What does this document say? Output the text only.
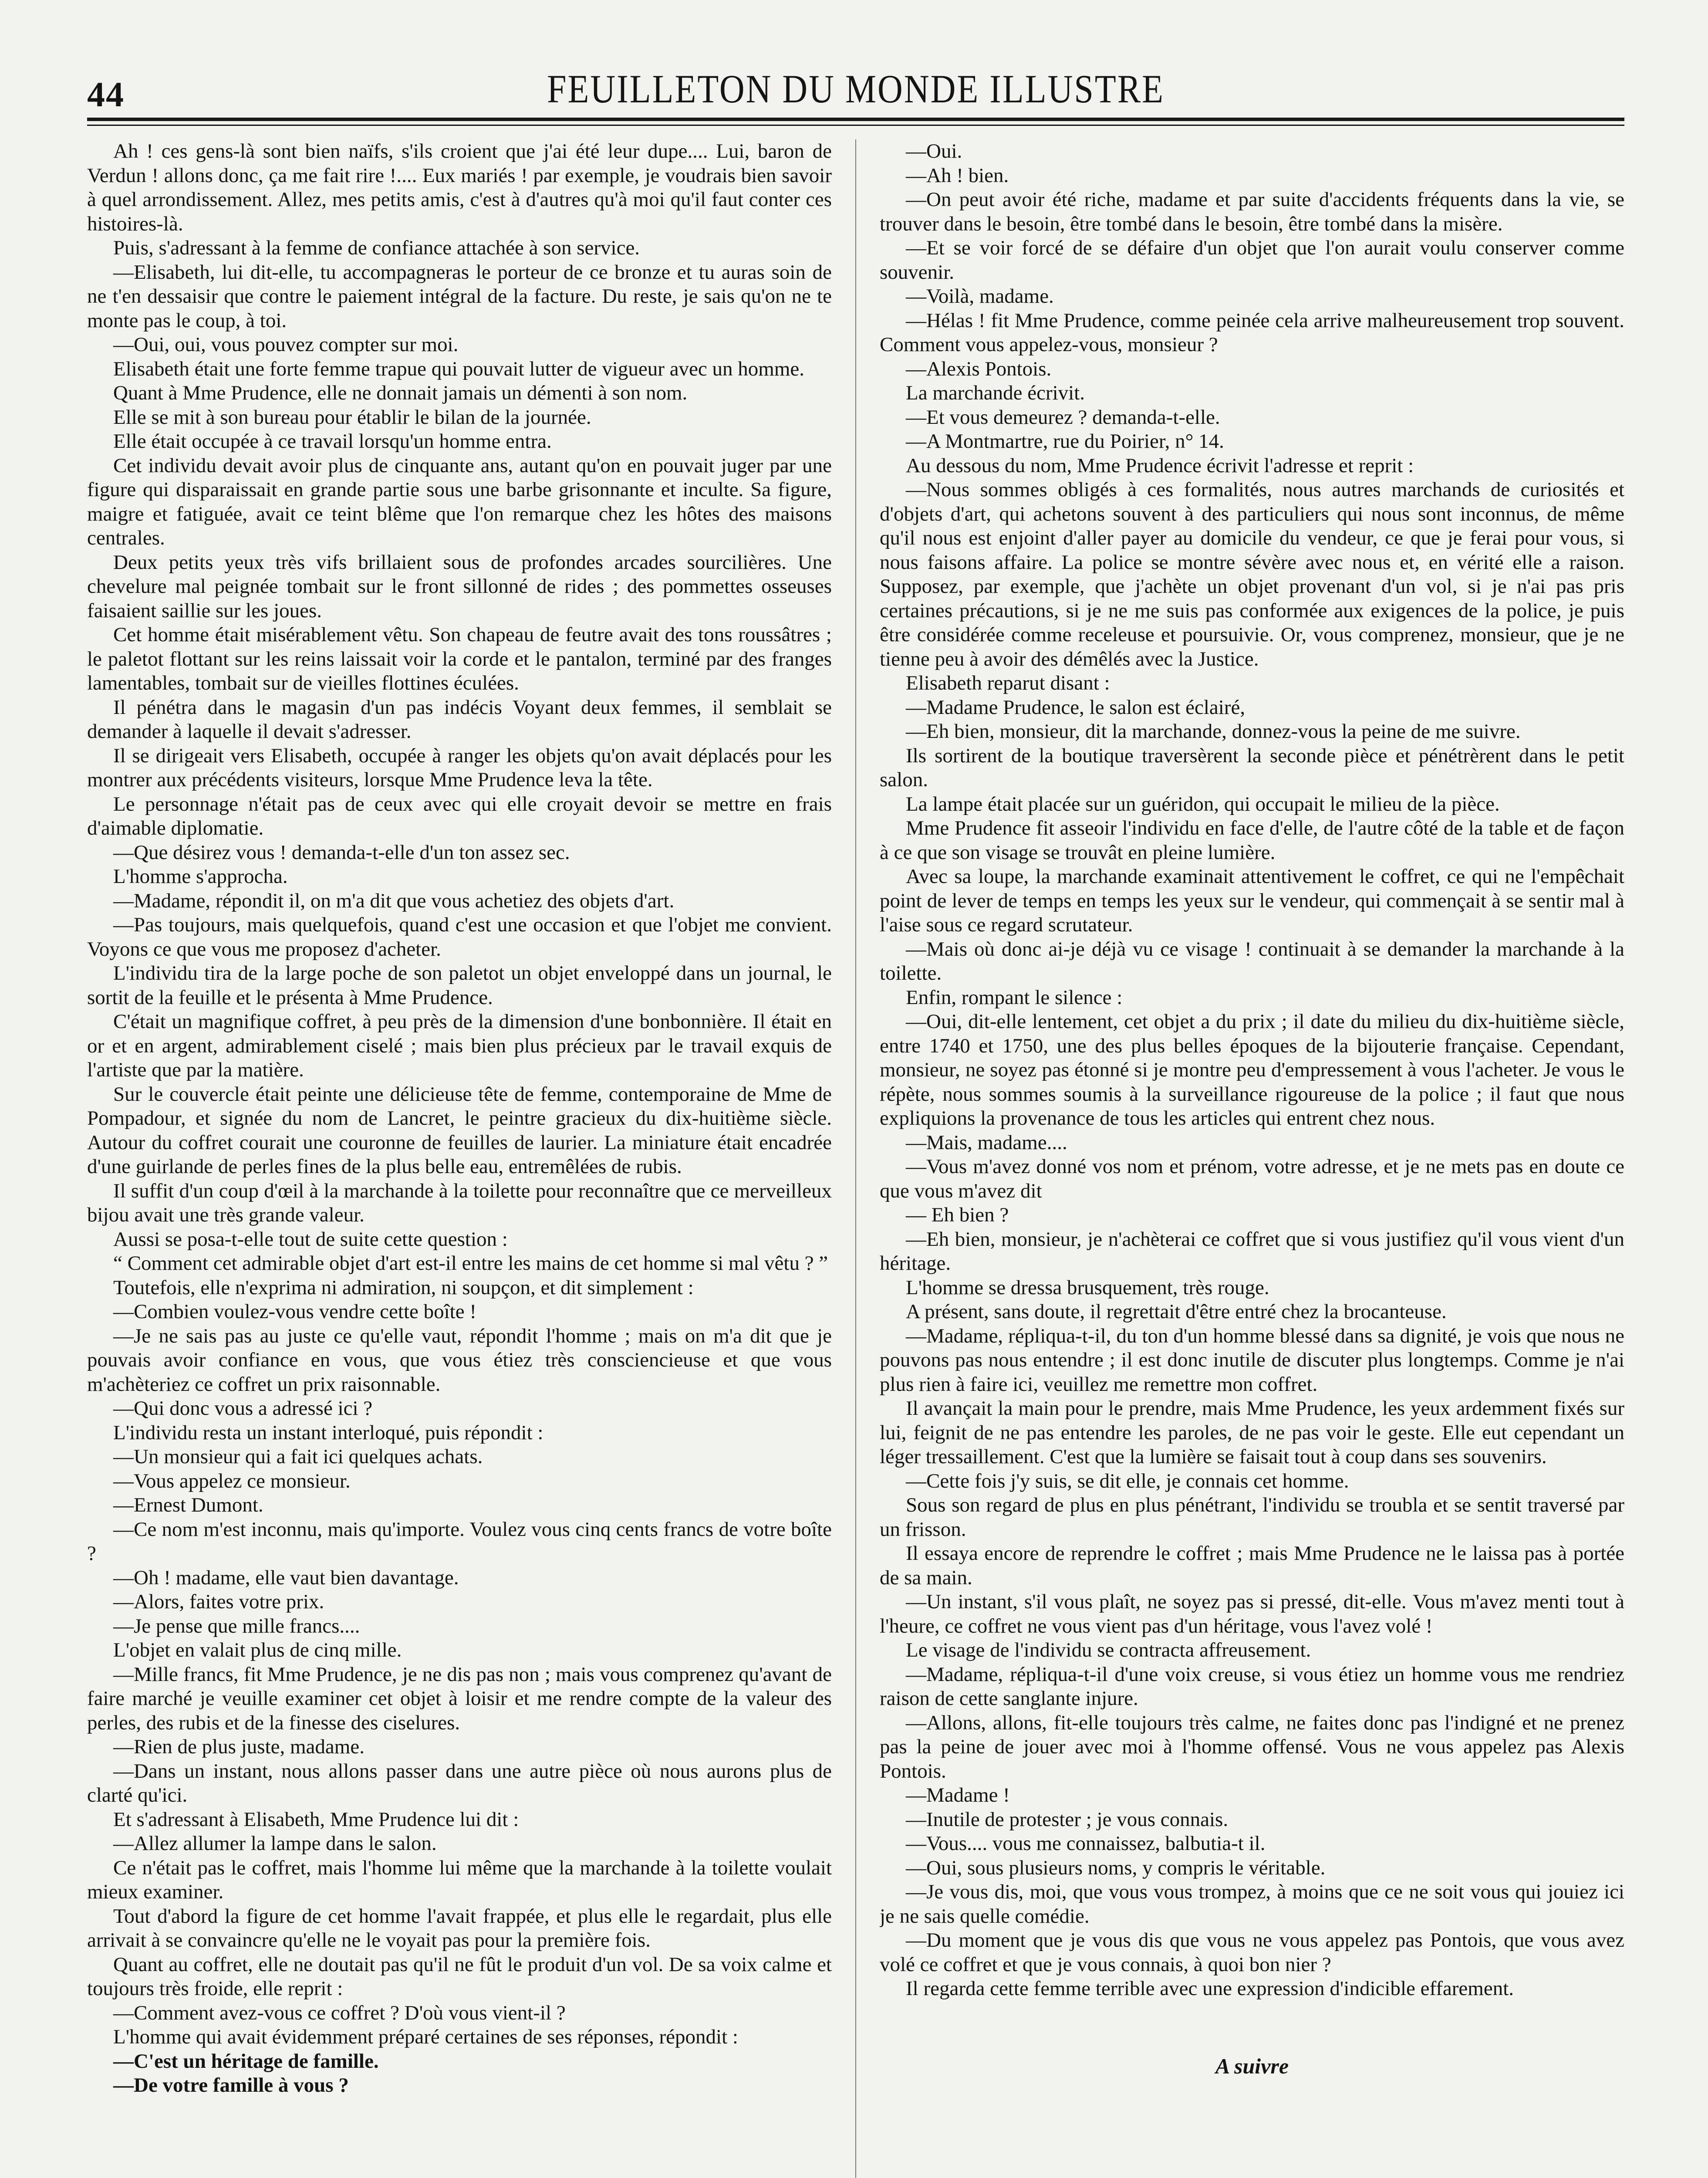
44	FEUILLETON DU MONDE ILLUSTRE

Ah ! ces gens-là sont bien naïfs, s'ils croient que j'ai été leur dupe.... Lui, baron de Verdun ! allons donc, ça me fait rire !.... Eux mariés ! par exemple, je voudrais bien savoir à quel arrondissement. Allez, mes petits amis, c'est à d'autres qu'à moi qu'il faut conter ces histoires-là.

Puis, s'adressant à la femme de confiance attachée à son service.

—Elisabeth, lui dit-elle, tu accompagneras le porteur de ce bronze et tu auras soin de ne t'en dessaisir que contre le paiement intégral de la facture. Du reste, je sais qu'on ne te monte pas le coup, à toi.

—Oui, oui, vous pouvez compter sur moi.

Elisabeth était une forte femme trapue qui pouvait lutter de vigueur avec un homme.

Quant à Mme Prudence, elle ne donnait jamais un démenti à son nom.

Elle se mit à son bureau pour établir le bilan de la journée.

Elle était occupée à ce travail lorsqu'un homme entra.

Cet individu devait avoir plus de cinquante ans, autant qu'on en pouvait juger par une figure qui disparaissait en grande partie sous une barbe grisonnante et inculte. Sa figure, maigre et fatiguée, avait ce teint blême que l'on remarque chez les hôtes des maisons centrales.

Deux petits yeux très vifs brillaient sous de profondes arcades sourcilières. Une chevelure mal peignée tombait sur le front sillonné de rides ; des pommettes osseuses faisaient saillie sur les joues.

Cet homme était misérablement vêtu. Son chapeau de feutre avait des tons roussâtres ; le paletot flottant sur les reins laissait voir la corde et le pantalon, terminé par des franges lamentables, tombait sur de vieilles flottines éculées.

Il pénétra dans le magasin d'un pas indécis Voyant deux femmes, il semblait se demander à laquelle il devait s'adresser.

Il se dirigeait vers Elisabeth, occupée à ranger les objets qu'on avait déplacés pour les montrer aux précédents visiteurs, lorsque Mme Prudence leva la tête.

Le personnage n'était pas de ceux avec qui elle croyait devoir se mettre en frais d'aimable diplomatie.

—Que désirez vous ! demanda-t-elle d'un ton assez sec.

L'homme s'approcha.

—Madame, répondit il, on m'a dit que vous achetiez des objets d'art.

—Pas toujours, mais quelquefois, quand c'est une occasion et que l'objet me convient. Voyons ce que vous me proposez d'acheter.

L'individu tira de la large poche de son paletot un objet enveloppé dans un journal, le sortit de la feuille et le présenta à Mme Prudence.

C'était un magnifique coffret, à peu près de la dimension d'une bonbonnière. Il était en or et en argent, admirablement ciselé ; mais bien plus précieux par le travail exquis de l'artiste que par la matière.

Sur le couvercle était peinte une délicieuse tête de femme, contemporaine de Mme de Pompadour, et signée du nom de Lancret, le peintre gracieux du dix-huitième siècle. Autour du coffret courait une couronne de feuilles de laurier. La miniature était encadrée d'une guirlande de perles fines de la plus belle eau, entremêlées de rubis.

Il suffit d'un coup d'œil à la marchande à la toilette pour reconnaître que ce merveilleux bijou avait une très grande valeur.

Aussi se posa-t-elle tout de suite cette question :

“ Comment cet admirable objet d'art est-il entre les mains de cet homme si mal vêtu ? ”

Toutefois, elle n'exprima ni admiration, ni soupçon, et dit simplement :

—Combien voulez-vous vendre cette boîte !

—Je ne sais pas au juste ce qu'elle vaut, répondit l'homme ; mais on m'a dit que je pouvais avoir confiance en vous, que vous étiez très consciencieuse et que vous m'achèteriez ce coffret un prix raisonnable.

—Qui donc vous a adressé ici ?

L'individu resta un instant interloqué, puis répondit :

—Un monsieur qui a fait ici quelques achats.

—Vous appelez ce monsieur.

—Ernest Dumont.

—Ce nom m'est inconnu, mais qu'importe. Voulez vous cinq cents francs de votre boîte ?

—Oh ! madame, elle vaut bien davantage.

—Alors, faites votre prix.

—Je pense que mille francs....

L'objet en valait plus de cinq mille.

—Mille francs, fit Mme Prudence, je ne dis pas non ; mais vous comprenez qu'avant de faire marché je veuille examiner cet objet à loisir et me rendre compte de la valeur des perles, des rubis et de la finesse des ciselures.

—Rien de plus juste, madame.

—Dans un instant, nous allons passer dans une autre pièce où nous aurons plus de clarté qu'ici.

Et s'adressant à Elisabeth, Mme Prudence lui dit :

—Allez allumer la lampe dans le salon.

Ce n'était pas le coffret, mais l'homme lui même que la marchande à la toilette voulait mieux examiner.

Tout d'abord la figure de cet homme l'avait frappée, et plus elle le regardait, plus elle arrivait à se convaincre qu'elle ne le voyait pas pour la première fois.

Quant au coffret, elle ne doutait pas qu'il ne fût le produit d'un vol. De sa voix calme et toujours très froide, elle reprit :

—Comment avez-vous ce coffret ? D'où vous vient-il ?

L'homme qui avait évidemment préparé certaines de ses réponses, répondit :

—C'est un héritage de famille.

—De votre famille à vous ?

—Oui.

—Ah ! bien.

—On peut avoir été riche, madame et par suite d'accidents fréquents dans la vie, se trouver dans le besoin, être tombé dans le besoin, être tombé dans la misère.

—Et se voir forcé de se défaire d'un objet que l'on aurait voulu conserver comme souvenir.

—Voilà, madame.

—Hélas ! fit Mme Prudence, comme peinée cela arrive malheureusement trop souvent. Comment vous appelez-vous, monsieur ?

—Alexis Pontois.

La marchande écrivit.

—Et vous demeurez ? demanda-t-elle.

—A Montmartre, rue du Poirier, n° 14.

Au dessous du nom, Mme Prudence écrivit l'adresse et reprit :

—Nous sommes obligés à ces formalités, nous autres marchands de curiosités et d'objets d'art, qui achetons souvent à des particuliers qui nous sont inconnus, de même qu'il nous est enjoint d'aller payer au domicile du vendeur, ce que je ferai pour vous, si nous faisons affaire. La police se montre sévère avec nous et, en vérité elle a raison. Supposez, par exemple, que j'achète un objet provenant d'un vol, si je n'ai pas pris certaines précautions, si je ne me suis pas conformée aux exigences de la police, je puis être considérée comme receleuse et poursuivie. Or, vous comprenez, monsieur, que je ne tienne peu à avoir des démêlés avec la Justice.

Elisabeth reparut disant :

—Madame Prudence, le salon est éclairé,

—Eh bien, monsieur, dit la marchande, donnez-vous la peine de me suivre.

Ils sortirent de la boutique traversèrent la seconde pièce et pénétrèrent dans le petit salon.

La lampe était placée sur un guéridon, qui occupait le milieu de la pièce.

Mme Prudence fit asseoir l'individu en face d'elle, de l'autre côté de la table et de façon à ce que son visage se trouvât en pleine lumière.

Avec sa loupe, la marchande examinait attentivement le coffret, ce qui ne l'empêchait point de lever de temps en temps les yeux sur le vendeur, qui commençait à se sentir mal à l'aise sous ce regard scrutateur.

—Mais où donc ai-je déjà vu ce visage ! continuait à se demander la marchande à la toilette.

Enfin, rompant le silence :

—Oui, dit-elle lentement, cet objet a du prix ; il date du milieu du dix-huitième siècle, entre 1740 et 1750, une des plus belles époques de la bijouterie française. Cependant, monsieur, ne soyez pas étonné si je montre peu d'empressement à vous l'acheter. Je vous le répète, nous sommes soumis à la surveillance rigoureuse de la police ; il faut que nous expliquions la provenance de tous les articles qui entrent chez nous.

—Mais, madame....

—Vous m'avez donné vos nom et prénom, votre adresse, et je ne mets pas en doute ce que vous m'avez dit

— Eh bien ?

—Eh bien, monsieur, je n'achèterai ce coffret que si vous justifiez qu'il vous vient d'un héritage.

L'homme se dressa brusquement, très rouge.

A présent, sans doute, il regrettait d'être entré chez la brocanteuse.

—Madame, répliqua-t-il, du ton d'un homme blessé dans sa dignité, je vois que nous ne pouvons pas nous entendre ; il est donc inutile de discuter plus longtemps. Comme je n'ai plus rien à faire ici, veuillez me remettre mon coffret.

Il avançait la main pour le prendre, mais Mme Prudence, les yeux ardemment fixés sur lui, feignit de ne pas entendre les paroles, de ne pas voir le geste. Elle eut cependant un léger tressaillement. C'est que la lumière se faisait tout à coup dans ses souvenirs.

—Cette fois j'y suis, se dit elle, je connais cet homme.

Sous son regard de plus en plus pénétrant, l'individu se troubla et se sentit traversé par un frisson.

Il essaya encore de reprendre le coffret ; mais Mme Prudence ne le laissa pas à portée de sa main.

—Un instant, s'il vous plaît, ne soyez pas si pressé, dit-elle. Vous m'avez menti tout à l'heure, ce coffret ne vous vient pas d'un héritage, vous l'avez volé !

Le visage de l'individu se contracta affreusement.

—Madame, répliqua-t-il d'une voix creuse, si vous étiez un homme vous me rendriez raison de cette sanglante injure.

—Allons, allons, fit-elle toujours très calme, ne faites donc pas l'indigné et ne prenez pas la peine de jouer avec moi à l'homme offensé. Vous ne vous appelez pas Alexis Pontois.

—Madame !

—Inutile de protester ; je vous connais.

—Vous.... vous me connaissez, balbutia-t il.

—Oui, sous plusieurs noms, y compris le véritable.

—Je vous dis, moi, que vous vous trompez, à moins que ce ne soit vous qui jouiez ici je ne sais quelle comédie.

—Du moment que je vous dis que vous ne vous appelez pas Pontois, que vous avez volé ce coffret et que je vous connais, à quoi bon nier ?

Il regarda cette femme terrible avec une expression d'indicible effarement.

A suivre
